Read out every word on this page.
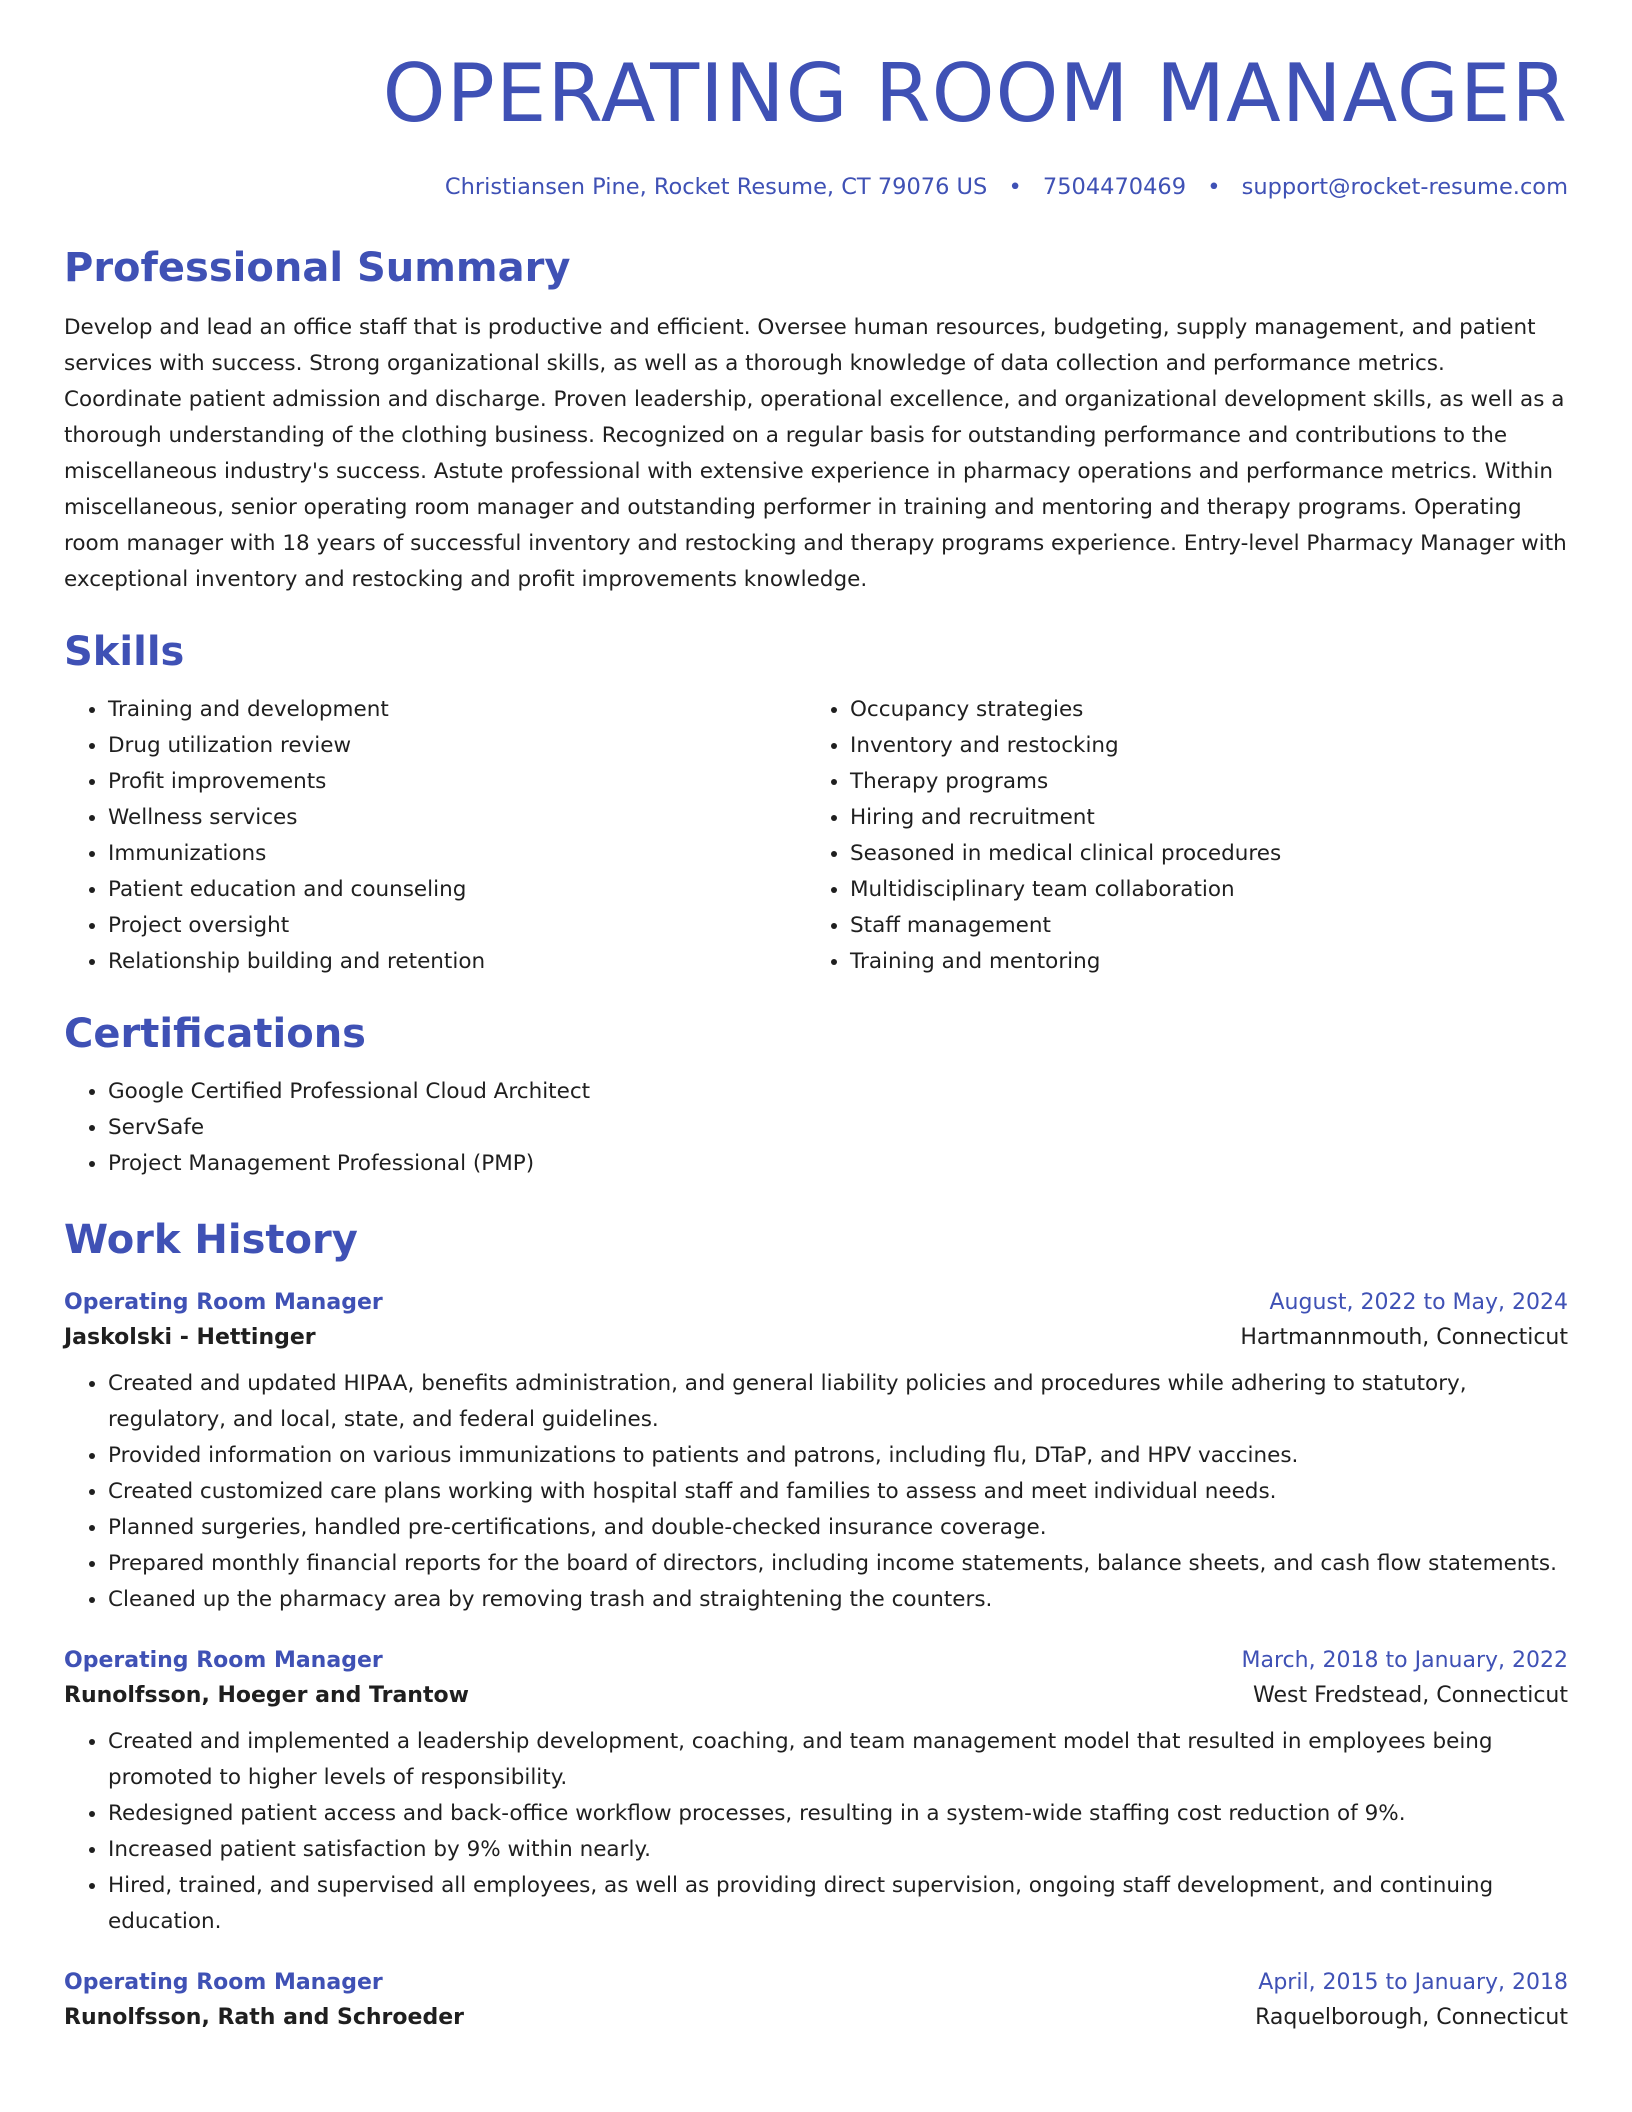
OPERATING ROOM MANAGER
Christiansen Pine, Rocket Resume, CT 79076 US • 7504470469 • support@rocket-resume.com
Professional Summary
Develop and lead an office staff that is productive and efficient. Oversee human resources, budgeting, supply management, and patient services with success. Strong organizational skills, as well as a thorough knowledge of data collection and performance metrics. Coordinate patient admission and discharge. Proven leadership, operational excellence, and organizational development skills, as well as a thorough understanding of the clothing business. Recognized on a regular basis for outstanding performance and contributions to the miscellaneous industry's success. Astute professional with extensive experience in pharmacy operations and performance metrics. Within miscellaneous, senior operating room manager and outstanding performer in training and mentoring and therapy programs. Operating room manager with 18 years of successful inventory and restocking and therapy programs experience. Entry-level Pharmacy Manager with exceptional inventory and restocking and profit improvements knowledge.
Skills
• Training and development
• Drug utilization review
• Profit improvements
• Wellness services
• Immunizations
• Patient education and counseling
• Project oversight
• Relationship building and retention
• Occupancy strategies
• Inventory and restocking
• Therapy programs
• Hiring and recruitment
• Seasoned in medical clinical procedures
• Multidisciplinary team collaboration
• Staff management
• Training and mentoring
Certifications
• Google Certified Professional Cloud Architect
• ServSafe
• Project Management Professional (PMP)
Work History
Operating Room Manager	August, 2022 to May, 2024
Jaskolski - Hettinger	Hartmannmouth, Connecticut
• Created and updated HIPAA, benefits administration, and general liability policies and procedures while adhering to statutory, regulatory, and local, state, and federal guidelines.
• Provided information on various immunizations to patients and patrons, including flu, DTaP, and HPV vaccines.
• Created customized care plans working with hospital staff and families to assess and meet individual needs.
• Planned surgeries, handled pre-certifications, and double-checked insurance coverage.
• Prepared monthly financial reports for the board of directors, including income statements, balance sheets, and cash flow statements.
• Cleaned up the pharmacy area by removing trash and straightening the counters.
Operating Room Manager	March, 2018 to January, 2022
Runolfsson, Hoeger and Trantow	West Fredstead, Connecticut
• Created and implemented a leadership development, coaching, and team management model that resulted in employees being promoted to higher levels of responsibility.
• Redesigned patient access and back-office workflow processes, resulting in a system-wide staffing cost reduction of 9%.
• Increased patient satisfaction by 9% within nearly.
• Hired, trained, and supervised all employees, as well as providing direct supervision, ongoing staff development, and continuing education.
Operating Room Manager	April, 2015 to January, 2018
Runolfsson, Rath and Schroeder	Raquelborough, Connecticut
